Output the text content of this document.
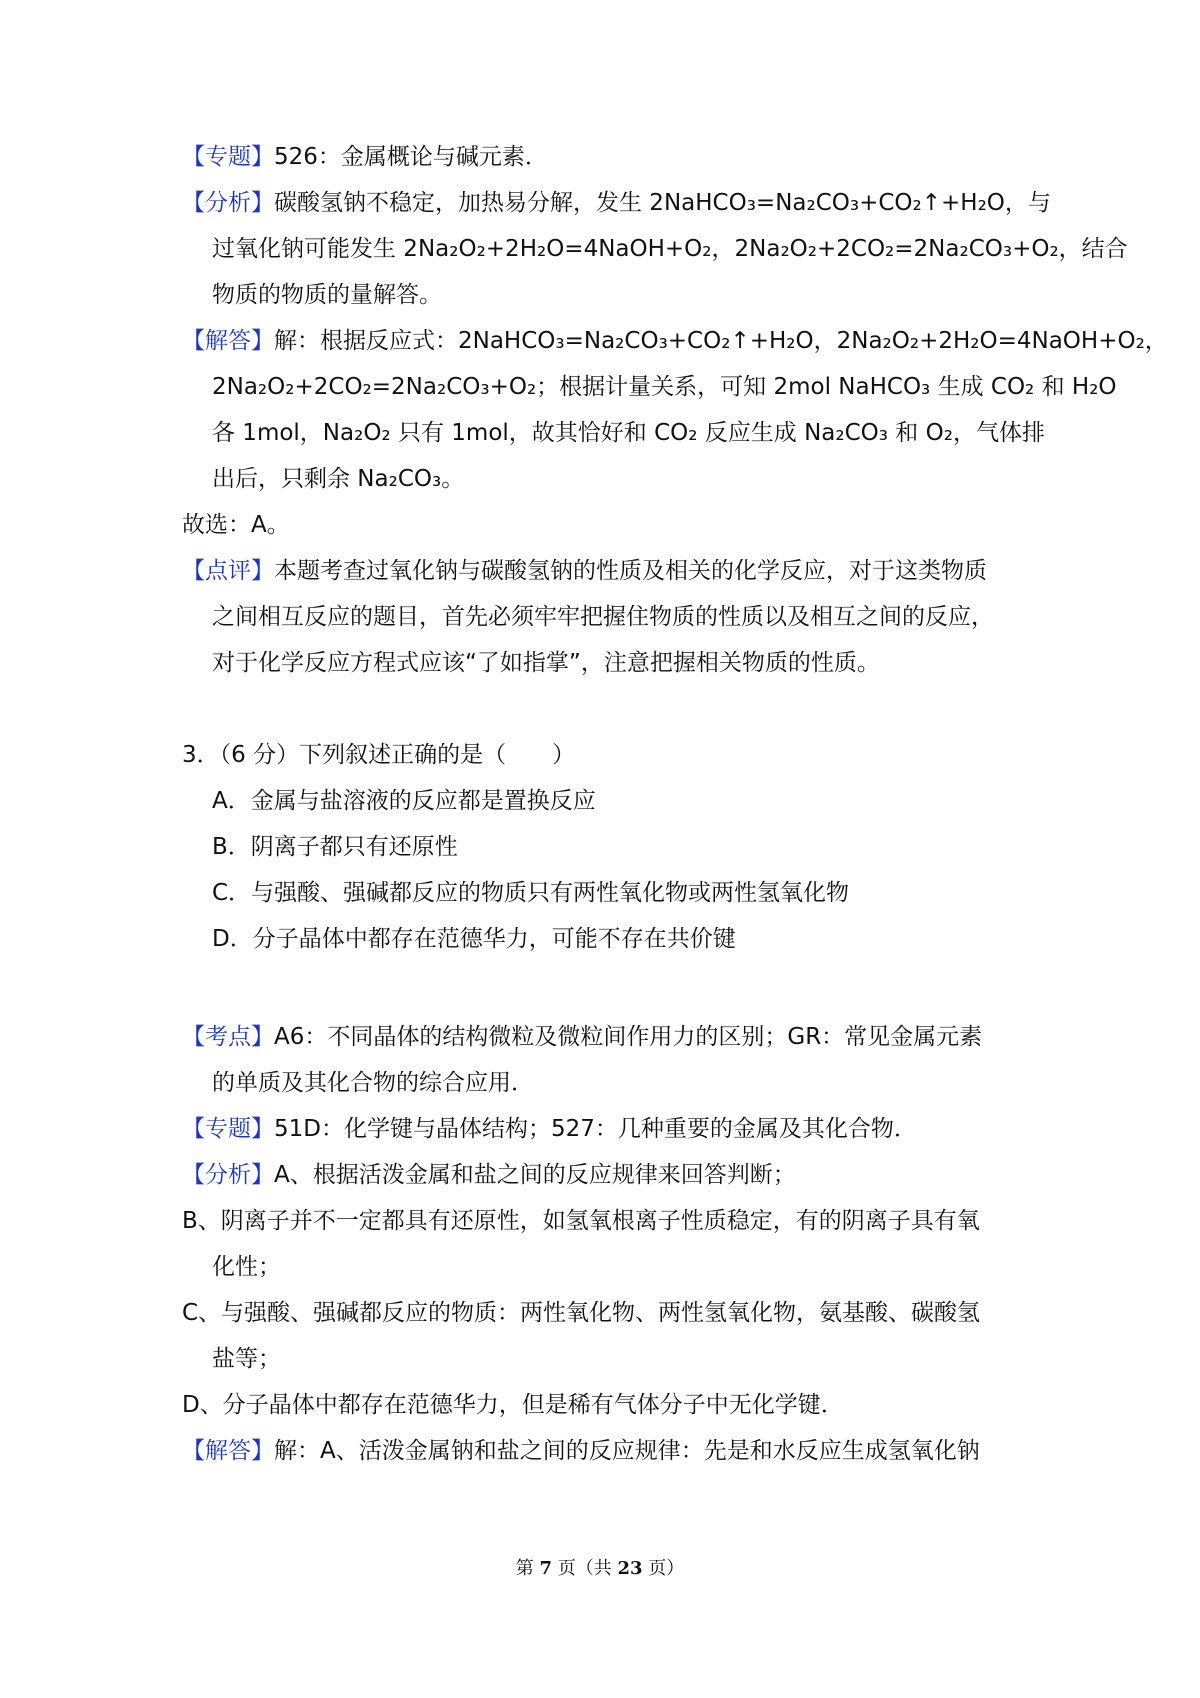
【专题】526：金属概论与碱元素．
【分析】碳酸氢钠不稳定，加热易分解，发生 2NaHCO₃=Na₂CO₃+CO₂↑+H₂O，与
过氧化钠可能发生 2Na₂O₂+2H₂O=4NaOH+O₂，2Na₂O₂+2CO₂=2Na₂CO₃+O₂，结合
物质的物质的量解答。
【解答】解：根据反应式：2NaHCO₃=Na₂CO₃+CO₂↑+H₂O，2Na₂O₂+2H₂O=4NaOH+O₂，
2Na₂O₂+2CO₂=2Na₂CO₃+O₂；根据计量关系，可知 2mol NaHCO₃ 生成 CO₂ 和 H₂O
各 1mol，Na₂O₂ 只有 1mol，故其恰好和 CO₂ 反应生成 Na₂CO₃ 和 O₂，气体排
出后，只剩余 Na₂CO₃。
故选：A。
【点评】本题考查过氧化钠与碳酸氢钠的性质及相关的化学反应，对于这类物质
之间相互反应的题目，首先必须牢牢把握住物质的性质以及相互之间的反应，
对于化学反应方程式应该“了如指掌”，注意把握相关物质的性质。
3．（6 分）下列叙述正确的是（　　）
A．金属与盐溶液的反应都是置换反应
B．阴离子都只有还原性
C．与强酸、强碱都反应的物质只有两性氧化物或两性氢氧化物
D．分子晶体中都存在范德华力，可能不存在共价键
【考点】A6：不同晶体的结构微粒及微粒间作用力的区别；GR：常见金属元素
的单质及其化合物的综合应用．
【专题】51D：化学键与晶体结构；527：几种重要的金属及其化合物．
【分析】A、根据活泼金属和盐之间的反应规律来回答判断；
B、阴离子并不一定都具有还原性，如氢氧根离子性质稳定，有的阴离子具有氧
化性；
C、与强酸、强碱都反应的物质：两性氧化物、两性氢氧化物，氨基酸、碳酸氢
盐等；
D、分子晶体中都存在范德华力，但是稀有气体分子中无化学键．
【解答】解：A、活泼金属钠和盐之间的反应规律：先是和水反应生成氢氧化钠
第 7 页（共 23 页）
